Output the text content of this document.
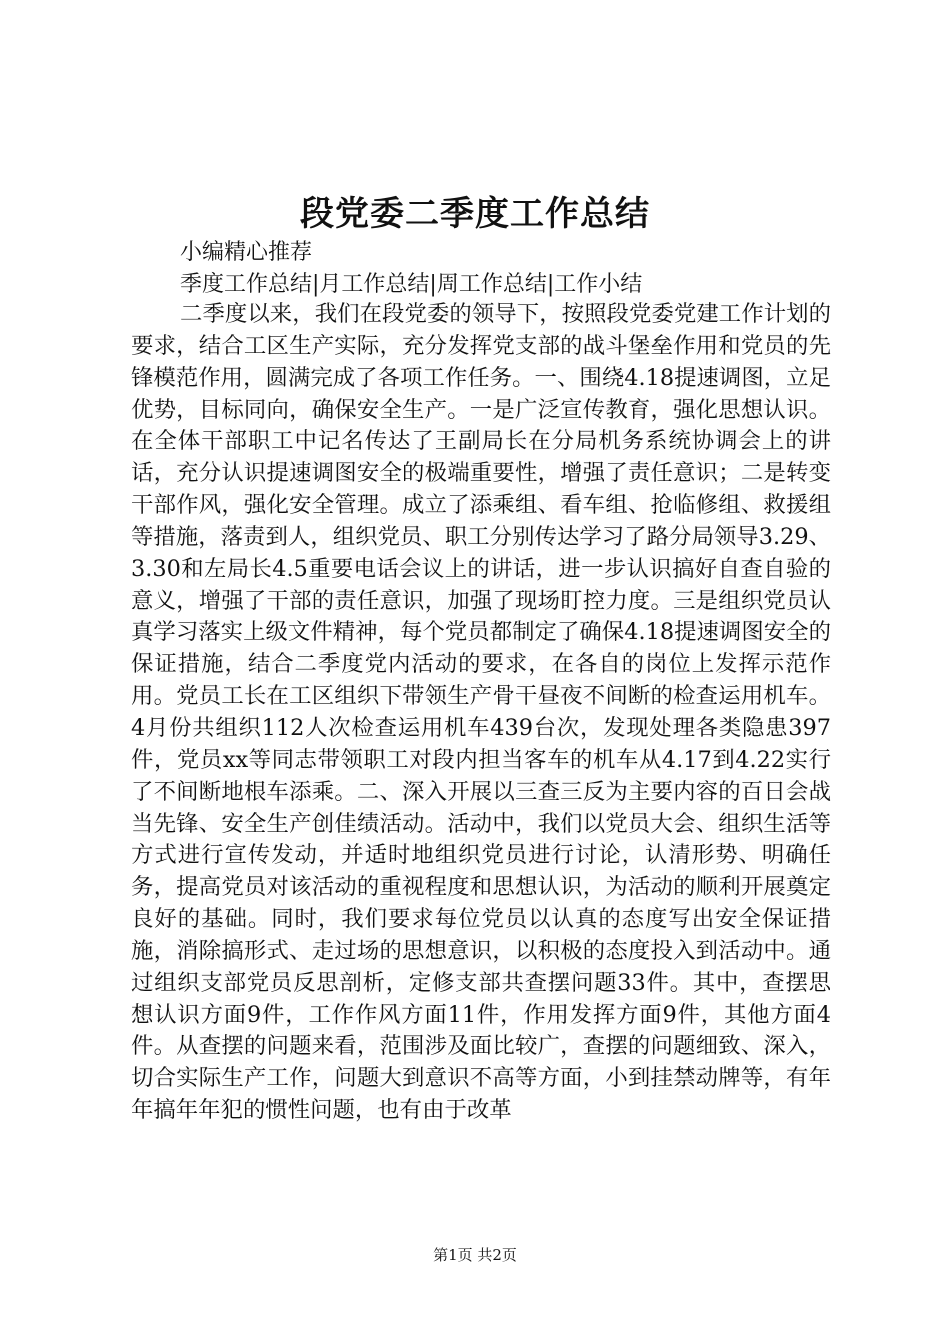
段党委二季度工作总结

小编精心推荐

季度工作总结|月工作总结|周工作总结|工作小结

二季度以来，我们在段党委的领导下，按照段党委党建工作计划的要求，结合工区生产实际，充分发挥党支部的战斗堡垒作用和党员的先锋模范作用，圆满完成了各项工作任务。一、围绕4.18提速调图，立足优势，目标同向，确保安全生产。一是广泛宣传教育，强化思想认识。在全体干部职工中记名传达了王副局长在分局机务系统协调会上的讲话，充分认识提速调图安全的极端重要性，增强了责任意识；二是转变干部作风，强化安全管理。成立了添乘组、看车组、抢临修组、救援组等措施，落责到人，组织党员、职工分别传达学习了路分局领导3.29、3.30和左局长4.5重要电话会议上的讲话，进一步认识搞好自查自验的意义，增强了干部的责任意识，加强了现场盯控力度。三是组织党员认真学习落实上级文件精神，每个党员都制定了确保4.18提速调图安全的保证措施，结合二季度党内活动的要求，在各自的岗位上发挥示范作用。党员工长在工区组织下带领生产骨干昼夜不间断的检查运用机车。4月份共组织112人次检查运用机车439台次，发现处理各类隐患397件，党员xx等同志带领职工对段内担当客车的机车从4.17到4.22实行了不间断地根车添乘。二、深入开展以三查三反为主要内容的百日会战当先锋、安全生产创佳绩活动。活动中，我们以党员大会、组织生活等方式进行宣传发动，并适时地组织党员进行讨论，认清形势、明确任务，提高党员对该活动的重视程度和思想认识，为活动的顺利开展奠定良好的基础。同时，我们要求每位党员以认真的态度写出安全保证措施，消除搞形式、走过场的思想意识，以积极的态度投入到活动中。通过组织支部党员反思剖析，定修支部共查摆问题33件。其中，查摆思想认识方面9件，工作作风方面11件，作用发挥方面9件，其他方面4件。从查摆的问题来看，范围涉及面比较广，查摆的问题细致、深入，切合实际生产工作，问题大到意识不高等方面，小到挂禁动牌等，有年年搞年年犯的惯性问题，也有由于改革

第1页 共2页
